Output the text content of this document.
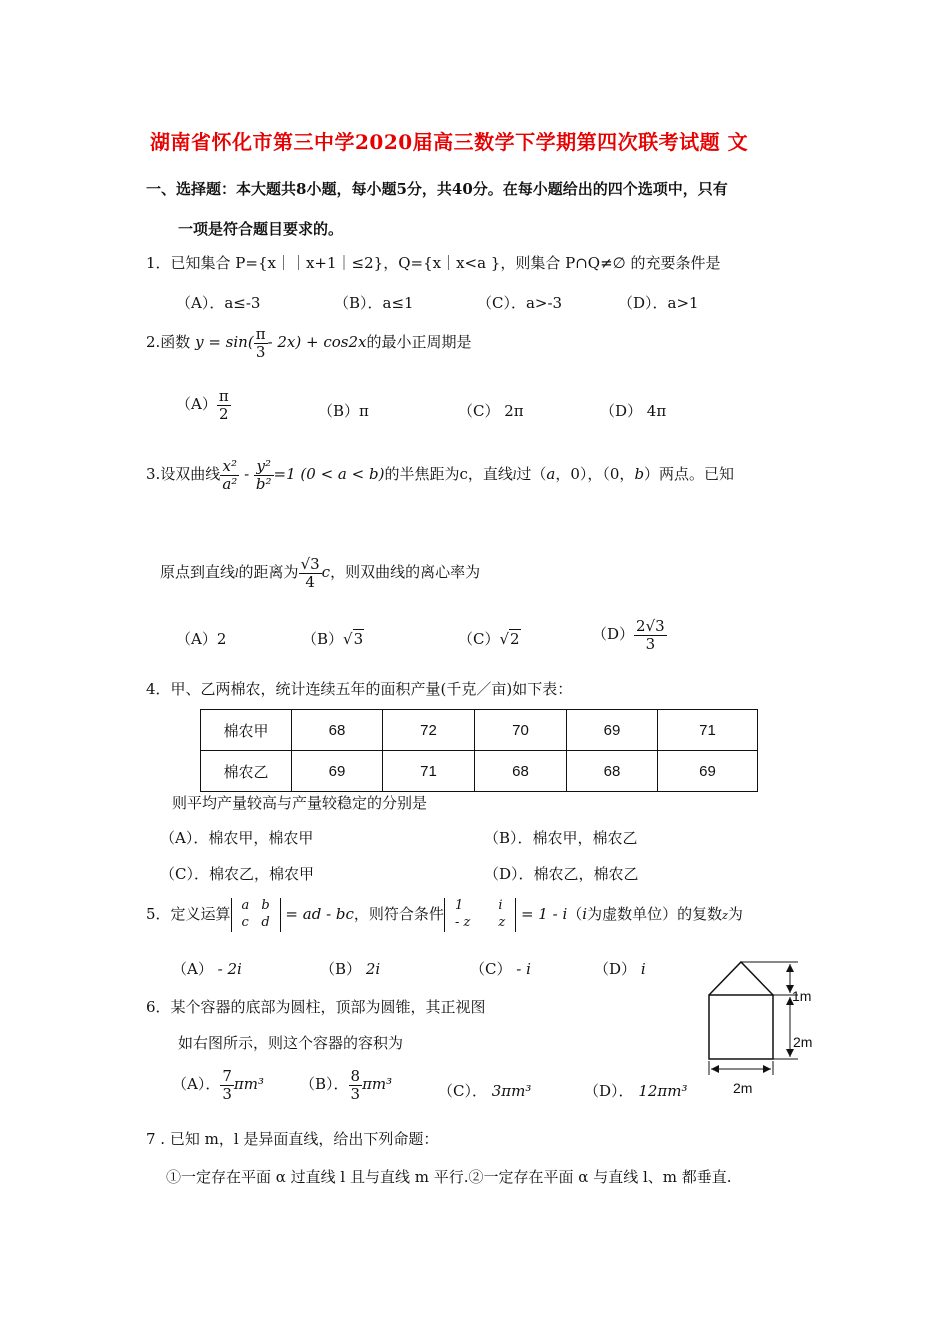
湖南省怀化市第三中学2020届高三数学下学期第四次联考试题 文
一、选择题：本大题共8小题，每小题5分，共40分。在每小题给出的四个选项中，只有
一项是符合题目要求的。
1．已知集合 P={x｜｜x+1｜≤2}，Q={x｜x<a }，则集合 P∩Q≠∅ 的充要条件是
（A）．a≤-3	（B）．a≤1	（C）．a>-3	（D）．a>1
2.函数 $y = \sin( \frac{\pi}{3} - 2x) + \cos 2x$的最小正周期是
$(A) \frac{\pi}{2}$	（B）π	（C） 2π	（D） 4π
3.设双曲线 $\frac{\text{x²}}{\text{a²}} - \frac{\text{y²}}{\text{b²}} =1$ (0 < a < b)的半焦距为c，直线l过（a，0），（0，b）两点。已知
原点到直线l的距离为 $\frac{√3}{4}$ c，则双曲线的离心率为
（A）2	（B）√3	（C）√2	$(D) \frac{2√3}{3}$
4．甲、乙两棉农，统计连续五年的面积产量(千克／亩)如下表：
棉农甲	68	72	70	69	71
棉农乙	69	71	68	68	69
则平均产量较高与产量较稳定的分别是
（A）．棉农甲，棉农甲	（B）．棉农甲，棉农乙
（C）．棉农乙，棉农甲	（D）．棉农乙，棉农乙
5．定义运算 a	b
c	d = ad - bc，则符合条件 1	i
- z	z = 1 - i（i为虚数单位）的复数z为
（A） - 2i	（B） 2i	（C） - i	（D） i
6．某个容器的底部为圆柱，顶部为圆锥，其正视图
如右图所示，则这个容器的容积为
（A）． $\frac{7}{3} \pi m^3$ （B）． $\frac{8}{3} \pi m^3$	（C）． 3πm³	（D）． 12πm³
1m
2m
2m
7 . 已知 m，l 是异面直线，给出下列命题：
①一定存在平面 α 过直线 l 且与直线 m 平行.②一定存在平面 α 与直线 l、m 都垂直.
